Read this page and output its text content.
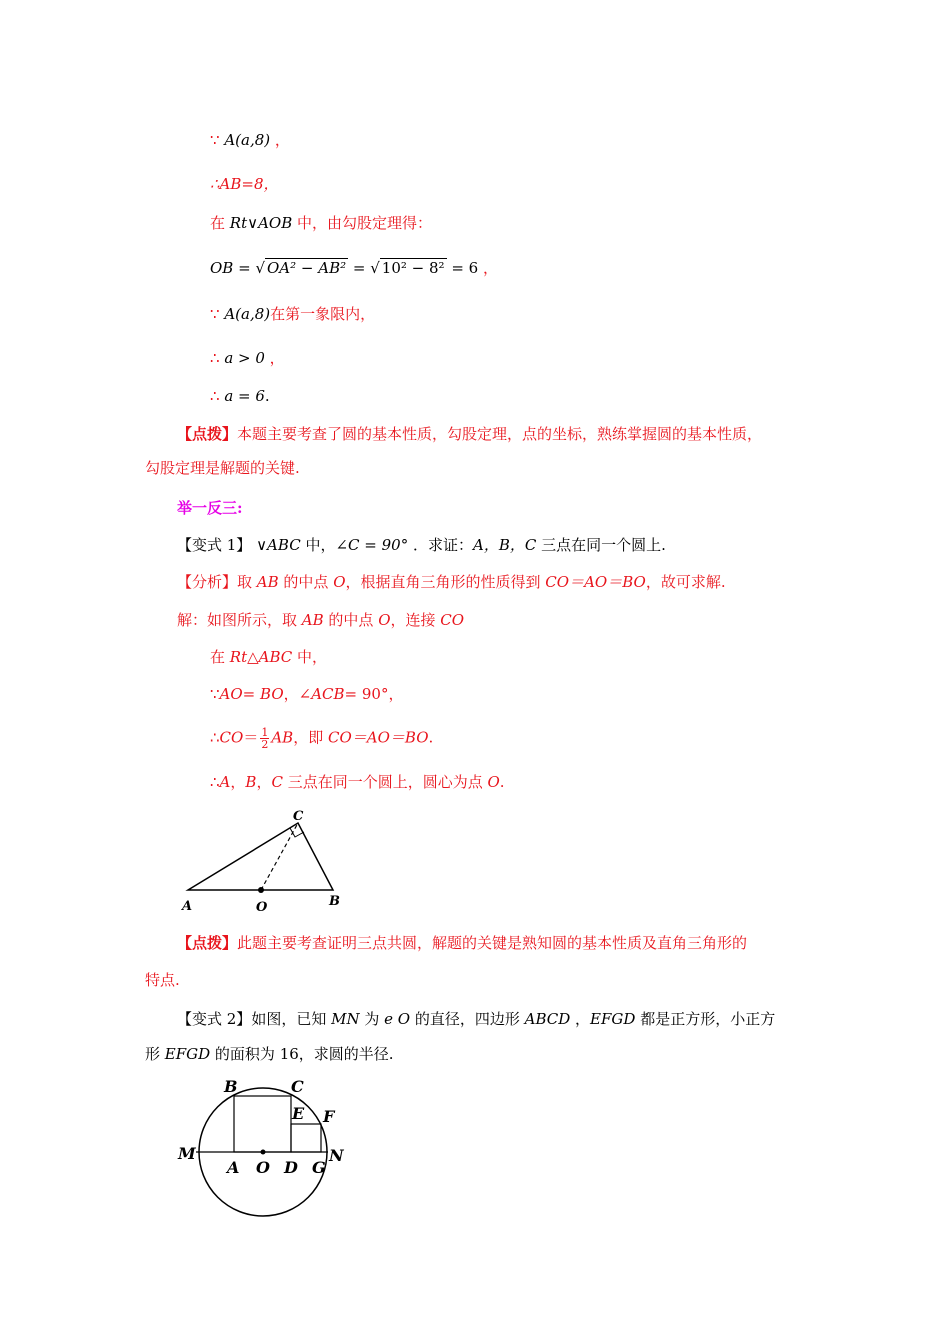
∵ A(a,8) ，
∴AB=8，
在 Rt∨AOB 中，由勾股定理得：
OB = √ OA² − AB² = √ 10² − 8² = 6 ，
∵ A(a,8)在第一象限内，
∴ a > 0 ，
∴ a = 6.
【点拨】本题主要考查了圆的基本性质，勾股定理，点的坐标，熟练掌握圆的基本性质，
勾股定理是解题的关键.
举一反三:
【变式 1】 ∨ABC 中，∠C = 90° ．求证：A，B，C 三点在同一个圆上.
【分析】取 AB 的中点 O，根据直角三角形的性质得到 CO＝AO＝BO，故可求解.
解：如图所示，取 AB 的中点 O，连接 CO
在 Rt△ABC 中，
∵AO= BO，∠ACB= 90°，
∴CO＝ $\frac{1}{2}$ AB，即 CO＝AO＝BO.
∴A，B，C 三点在同一个圆上，圆心为点 O.
A	O	B
C
【点拨】此题主要考查证明三点共圆，解题的关键是熟知圆的基本性质及直角三角形的
特点.
【变式 2】如图，已知 MN 为 e O 的直径，四边形 ABCD ，EFGD 都是正方形，小正方
形 EFGD 的面积为 16，求圆的半径.
M
A O D G
N
B	C
E F
